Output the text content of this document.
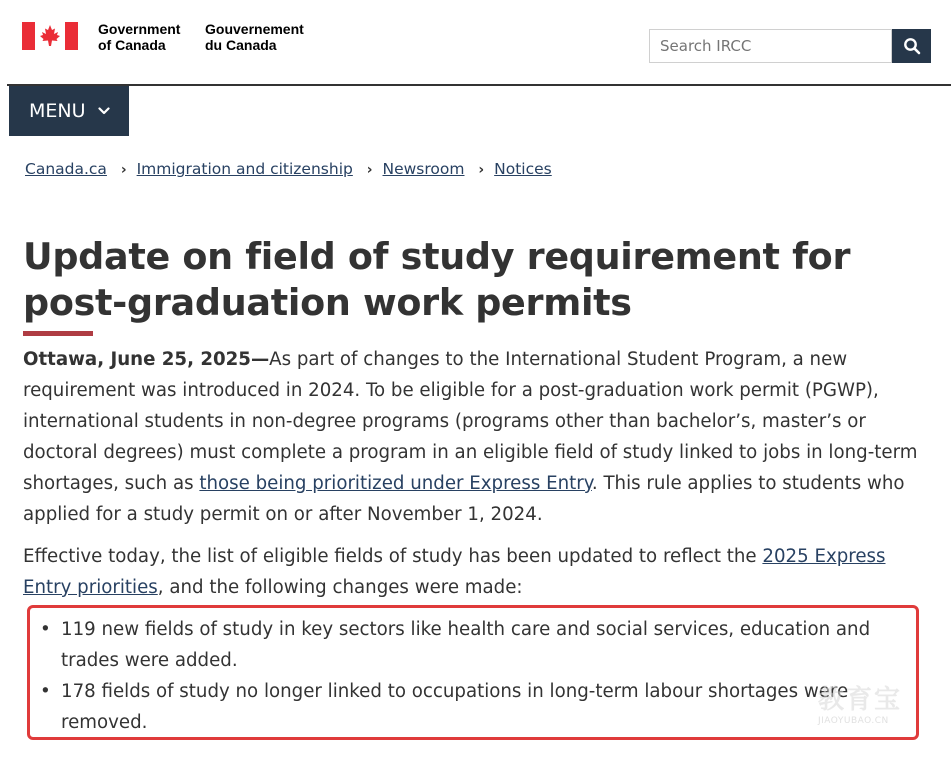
Government
of Canada
Gouvernement
du Canada
Search IRCC
MENU
Canada.ca › Immigration and citizenship › Newsroom › Notices
Update on field of study requirement for post-graduation work permits

Ottawa, June 25, 2025—As part of changes to the International Student Program, a new requirement was introduced in 2024. To be eligible for a post-graduation work permit (PGWP), international students in non-degree programs (programs other than bachelor’s, master’s or doctoral degrees) must complete a program in an eligible field of study linked to jobs in long-term shortages, such as those being prioritized under Express Entry. This rule applies to students who applied for a study permit on or after November 1, 2024.

Effective today, the list of eligible fields of study has been updated to reflect the 2025 Express Entry priorities, and the following changes were made:

• 119 new fields of study in key sectors like health care and social services, education and trades were added.
• 178 fields of study no longer linked to occupations in long-term labour shortages were removed.
教育宝
JIAOYUBAO.CN
